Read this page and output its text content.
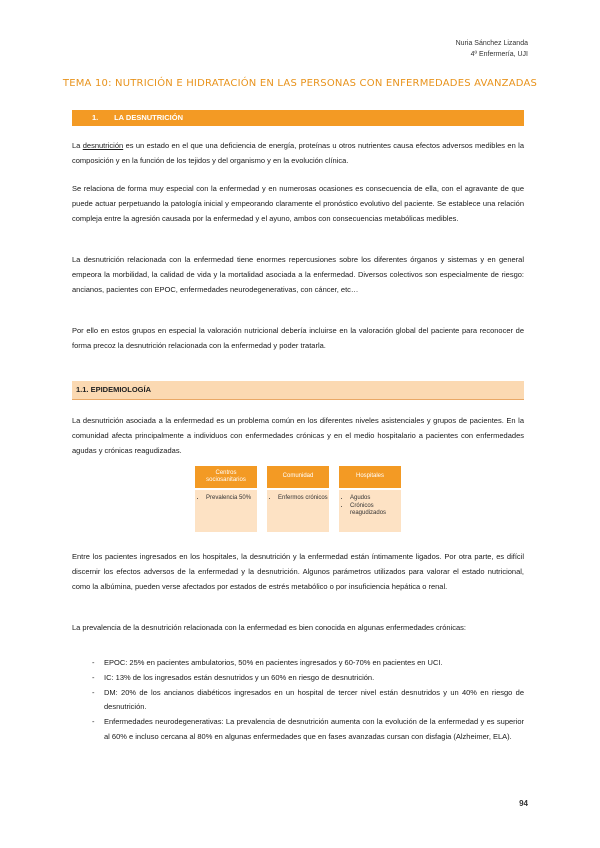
Nuria Sánchez Lizanda
4º Enfermería, UJI
TEMA 10: NUTRICIÓN E HIDRATACIÓN EN LAS PERSONAS CON ENFERMEDADES AVANZADAS
1. LA DESNUTRICIÓN
La desnutrición es un estado en el que una deficiencia de energía, proteínas u otros nutrientes causa efectos adversos medibles en la composición y en la función de los tejidos y del organismo y en la evolución clínica.
Se relaciona de forma muy especial con la enfermedad y en numerosas ocasiones es consecuencia de ella, con el agravante de que puede actuar perpetuando la patología inicial y empeorando claramente el pronóstico evolutivo del paciente. Se establece una relación compleja entre la agresión causada por la enfermedad y el ayuno, ambos con consecuencias metabólicas medibles.
La desnutrición relacionada con la enfermedad tiene enormes repercusiones sobre los diferentes órganos y sistemas y en general empeora la morbilidad, la calidad de vida y la mortalidad asociada a la enfermedad. Diversos colectivos son especialmente de riesgo: ancianos, pacientes con EPOC, enfermedades neurodegenerativas, con cáncer, etc…
Por ello en estos grupos en especial la valoración nutricional debería incluirse en la valoración global del paciente para reconocer de forma precoz la desnutrición relacionada con la enfermedad y poder tratarla.
1.1. EPIDEMIOLOGÍA
La desnutrición asociada a la enfermedad es un problema común en los diferentes niveles asistenciales y grupos de pacientes. En la comunidad afecta principalmente a individuos con enfermedades crónicas y en el medio hospitalario a pacientes con enfermedades agudas y crónicas reagudizadas.
Centros sociosanitarios
• Prevalencia 50%
Comunidad
• Enfermos crónicos
Hospitales
• Agudos
• Crónicos reagudizados
Entre los pacientes ingresados en los hospitales, la desnutrición y la enfermedad están íntimamente ligados. Por otra parte, es difícil discernir los efectos adversos de la enfermedad y la desnutrición. Algunos parámetros utilizados para valorar el estado nutricional, como la albúmina, pueden verse afectados por estados de estrés metabólico o por insuficiencia hepática o renal.
La prevalencia de la desnutrición relacionada con la enfermedad es bien conocida en algunas enfermedades crónicas:
- EPOC: 25% en pacientes ambulatorios, 50% en pacientes ingresados y 60-70% en pacientes en UCI.
- IC: 13% de los ingresados están desnutridos y un 60% en riesgo de desnutrición.
- DM: 20% de los ancianos diabéticos ingresados en un hospital de tercer nivel están desnutridos y un 40% en riesgo de desnutrición.
- Enfermedades neurodegenerativas: La prevalencia de desnutrición aumenta con la evolución de la enfermedad y es superior al 60% e incluso cercana al 80% en algunas enfermedades que en fases avanzadas cursan con disfagia (Alzheimer, ELA).
94
